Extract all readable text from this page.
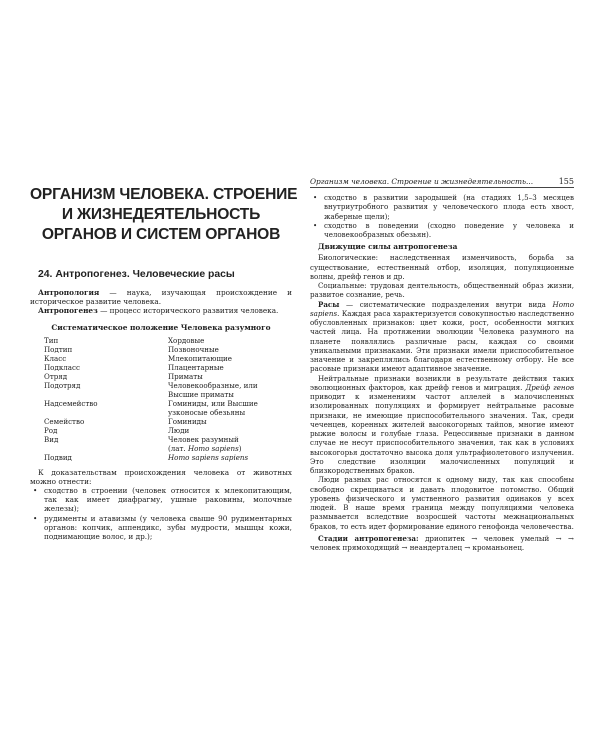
ОРГАНИЗМ ЧЕЛОВЕКА. СТРОЕНИЕ
И ЖИЗНЕДЕЯТЕЛЬНОСТЬ
ОРГАНОВ И СИСТЕМ ОРГАНОВ
24. Антропогенез. Человеческие расы

Антропология — наука, изучающая происхождение и историческое развитие человека.

Антропогенез — процесс исторического развития человека.

Систематическое положение Человека разумного
Тип	Хордовые
Подтип	Позвоночные
Класс	Млекопитающие
Подкласс	Плацентарные
Отряд	Приматы
Подотряд	Человекообразные, или Высшие приматы
Надсемейство	Гоминиды, или Высшие узконосые обезьяны
Семейство	Гоминиды
Род	Люди
Вид	Человек разумный
(лат. Homo sapiens)

Подвид	Homo sapiens sapiens

К доказательствам происхождения человека от животных можно отнести:

• сходство в строении (человек относится к млекопитающим, так как имеет диафрагму, ушные раковины, молочные железы);
• рудименты и атавизмы (у человека свыше 90 рудиментарных органов: копчик, аппендикс, зубы мудрости, мышцы кожи, поднимающие волос, и др.);
Организм человека. Строение и жизнедеятельность...	155
• сходство в развитии зародышей (на стадиях 1,5–3 месяцев внутриутробного развития у человеческого плода есть хвост, жаберные щели);
• сходство в поведении (сходно поведение у человека и человекообразных обезьян).
Движущие силы антропогенеза

Биологические: наследственная изменчивость, борьба за существование, естественный отбор, изоляция, популяционные волны, дрейф генов и др.

Социальные: трудовая деятельность, общественный образ жизни, развитое сознание, речь.

Расы — систематические подразделения внутри вида Homo sapiens. Каждая раса характеризуется совокупностью наследственно обусловленных признаков: цвет кожи, рост, особенности мягких частей лица. На протяжении эволюции Человека разумного на планете появлялись различные расы, каждая со своими уникальными признаками. Эти признаки имели приспособительное значение и закреплялись благодаря естественному отбору. Не все расовые признаки имеют адаптивное значение.

Нейтральные признаки возникли в результате действия таких эволюционных факторов, как дрейф генов и миграция. Дрейф генов приводит к изменениям частот аллелей в малочисленных изолированных популяциях и формирует нейтральные расовые признаки, не имеющие приспособительного значения. Так, среди чеченцев, коренных жителей высокогорных тайпов, многие имеют рыжие волосы и голубые глаза. Рецессивные признаки в данном случае не несут приспособительного значения, так как в условиях высокогорья достаточно высока доля ультрафиолетового излучения. Это следствие изоляции малочисленных популяций и близкородственных браков.

Люди разных рас относятся к одному виду, так как способны свободно скрещиваться и давать плодовитое потомство. Общий уровень физического и умственного развития одинаков у всех людей. В наше время граница между популяциями человека размывается вследствие возросшей частоты межнациональных браков, то есть идет формирование единого генофонда человечества.

Стадии антропогенеза: дриопитек → человек умелый → → человек прямоходящий → неандерталец → кроманьонец.
